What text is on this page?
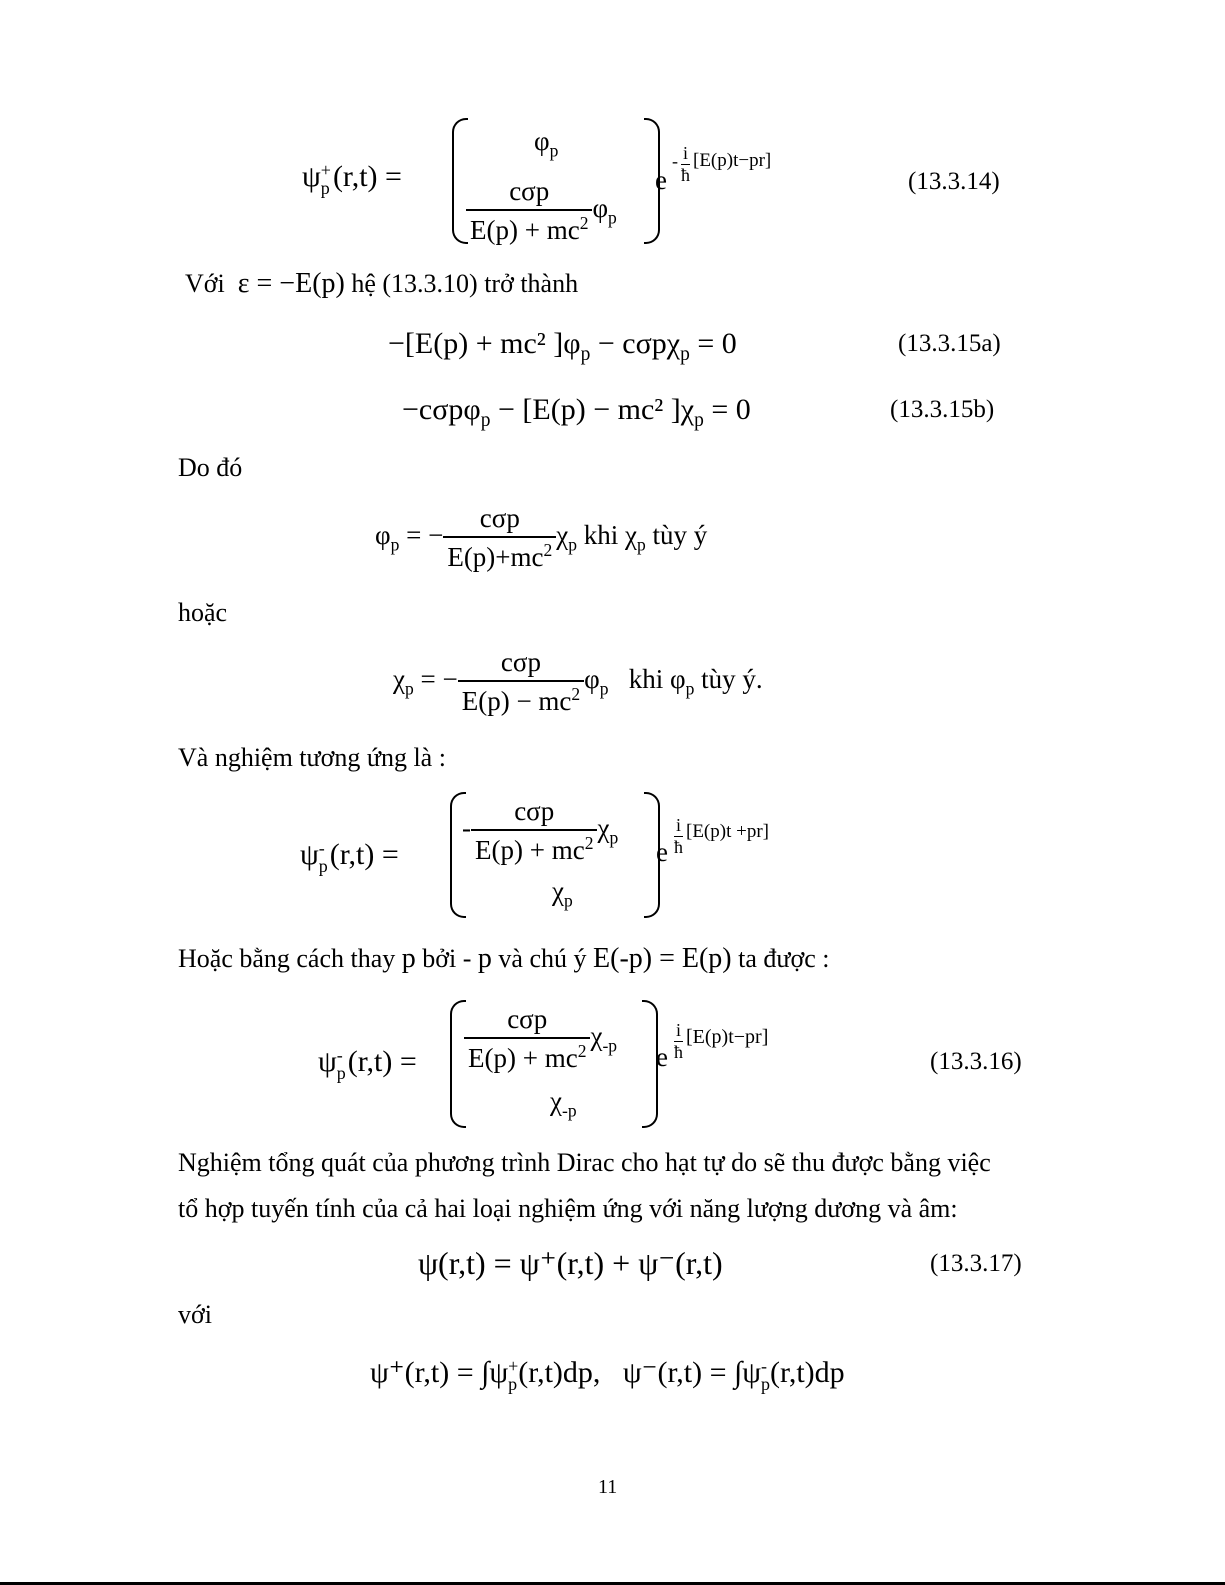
ψ +
p (r,t) =
$\varphi_p$
$\frac{\text{cσp}}{E(p) + mc^2} \varphi_p$
e
- $\frac{i}{ħ} [E(p)t-pr]$
(13.3.14)
Với ε = −E(p) hệ (13.3.10) trở thành
−[E(p) + mc² ]$\varphi_p - c\sigma p\chi_p = 0$	(13.3.15a)
−cσpφ$_p$ − [E(p) − mc² ]$\chi_p = 0$	(13.3.15b)
Do đó
$\varphi_p$ = − $\frac{\text{cσp}}{E(p)+mc^2} \chi_p$ khi $\chi_p$ tùy ý
hoặc
$\chi_p$ = − $\frac{\text{cσp}}{E(p) - mc^2} \varphi_p$ khi $\varphi_p$ tùy ý.
Và nghiệm tương ứng là :
ψ -
p (r,t) =
- $\frac{\text{cσp}}{E(p) + mc^2} \chi_p$
$\chi_p$
e $\frac{i}{ħ} [E(p)t +pr]$
Hoặc bằng cách thay p bởi - p và chú ý E(-p) = E(p) ta được :
ψ -
p $(r,t) = \frac{\text{cσp}}{E(p) + mc^2} \chi_{-p}$
$\chi_{-p}$
e $\frac{i}{ħ} [E(p)t-pr]$
(13.3.16)
Nghiệm tổng quát của phương trình Dirac cho hạt tự do sẽ thu được bằng việc
tổ hợp tuyến tính của cả hai loại nghiệm ứng với năng lượng dương và âm:
ψ(r,t) = ψ⁺(r,t) + ψ⁻(r,t)	(13.3.17)
với
ψ⁺(r,t) = ∫ψ +
p (r,t)dp, ψ⁻(r,t) = ∫ψ -
p (r,t)dp
11
